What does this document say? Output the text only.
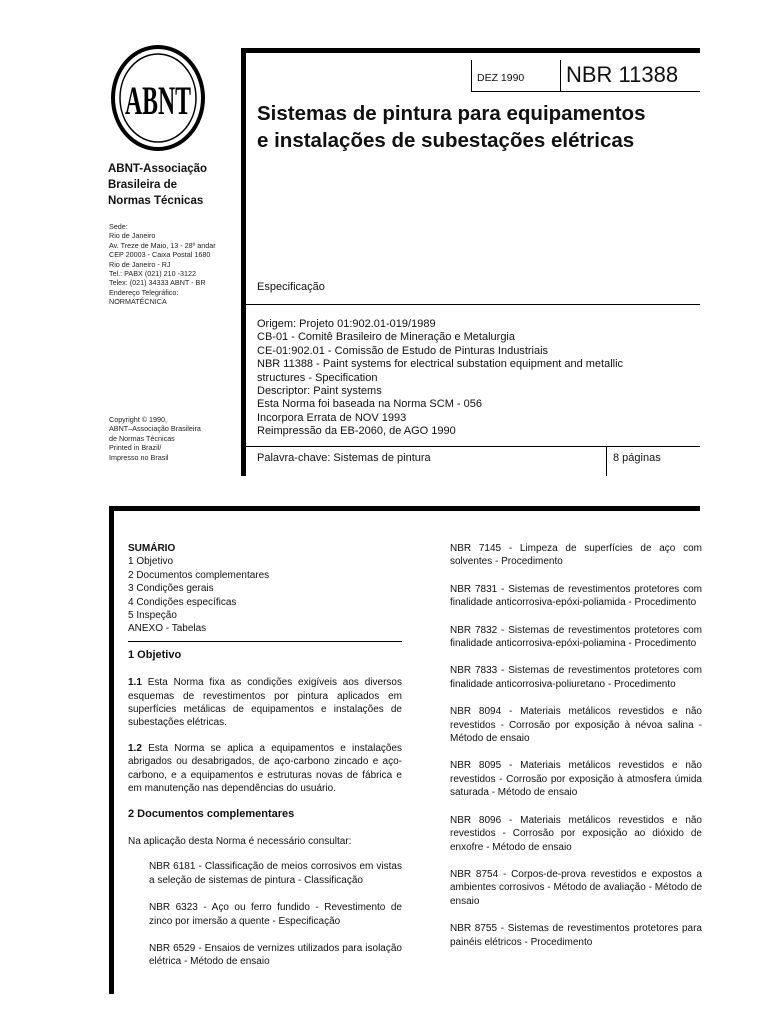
ABNT
ABNT-Associação
Brasileira de
Normas Técnicas
Sede:
Rio de Janeiro
Av. Treze de Maio, 13 - 28º andar
CEP 20003 - Caixa Postal 1680
Rio de Janeiro - RJ
Tel.: PABX (021) 210 -3122
Telex: (021) 34333 ABNT - BR
Endereço Telegráfico:
NORMATÉCNICA
Copyright © 1990,
ABNT–Associação Brasileira
de Normas Técnicas
Printed in Brazil/
Impresso no Brasil
DEZ 1990	NBR 11388
Sistemas de pintura para equipamentos
e instalações de subestações elétricas
Especificação
Origem: Projeto 01:902.01-019/1989
CB-01 - Comitê Brasileiro de Mineração e Metalurgia
CE-01:902.01 - Comissão de Estudo de Pinturas Industriais
NBR 11388 - Paint systems for electrical substation equipment and metallic
structures - Specification
Descriptor: Paint systems
Esta Norma foi baseada na Norma SCM - 056
Incorpora Errata de NOV 1993
Reimpressão da EB-2060, de AGO 1990
Palavra-chave: Sistemas de pintura	8 páginas
SUMÁRIO
1 Objetivo
2 Documentos complementares
3 Condições gerais
4 Condições específicas
5 Inspeção
ANEXO - Tabelas
1 Objetivo

1.1 Esta Norma fixa as condições exigíveis aos diversos esquemas de revestimentos por pintura aplicados em superfícies metálicas de equipamentos e instalações de subestações elétricas.

1.2 Esta Norma se aplica a equipamentos e instalações abrigados ou desabrigados, de aço-carbono zincado e aço-carbono, e a equipamentos e estruturas novas de fábrica e em manutenção nas dependências do usuário.

2 Documentos complementares

Na aplicação desta Norma é necessário consultar:

NBR 6181 - Classificação de meios corrosivos em vistas a seleção de sistemas de pintura - Classificação

NBR 6323 - Aço ou ferro fundido - Revestimento de zinco por imersão a quente - Especificação

NBR 6529 - Ensaios de vernizes utilizados para isolação elétrica - Método de ensaio

NBR 7145 - Limpeza de superfícies de aço com solventes - Procedimento

NBR 7831 - Sistemas de revestimentos protetores com finalidade anticorrosiva-epóxi-poliamida - Procedimento

NBR 7832 - Sistemas de revestimentos protetores com finalidade anticorrosiva-epóxi-poliamina - Procedimento

NBR 7833 - Sistemas de revestimentos protetores com finalidade anticorrosiva-poliuretano - Procedimento

NBR 8094 - Materiais metálicos revestidos e não revestidos - Corrosão por exposição à névoa salina - Método de ensaio

NBR 8095 - Materiais metálicos revestidos e não revestidos - Corrosão por exposição à atmosfera úmida saturada - Método de ensaio

NBR 8096 - Materiais metálicos revestidos e não revestidos - Corrosão por exposição ao dióxido de enxofre - Método de ensaio

NBR 8754 - Corpos-de-prova revestidos e expostos a ambientes corrosivos - Método de avaliação - Método de ensaio

NBR 8755 - Sistemas de revestimentos protetores para painéis elétricos - Procedimento
